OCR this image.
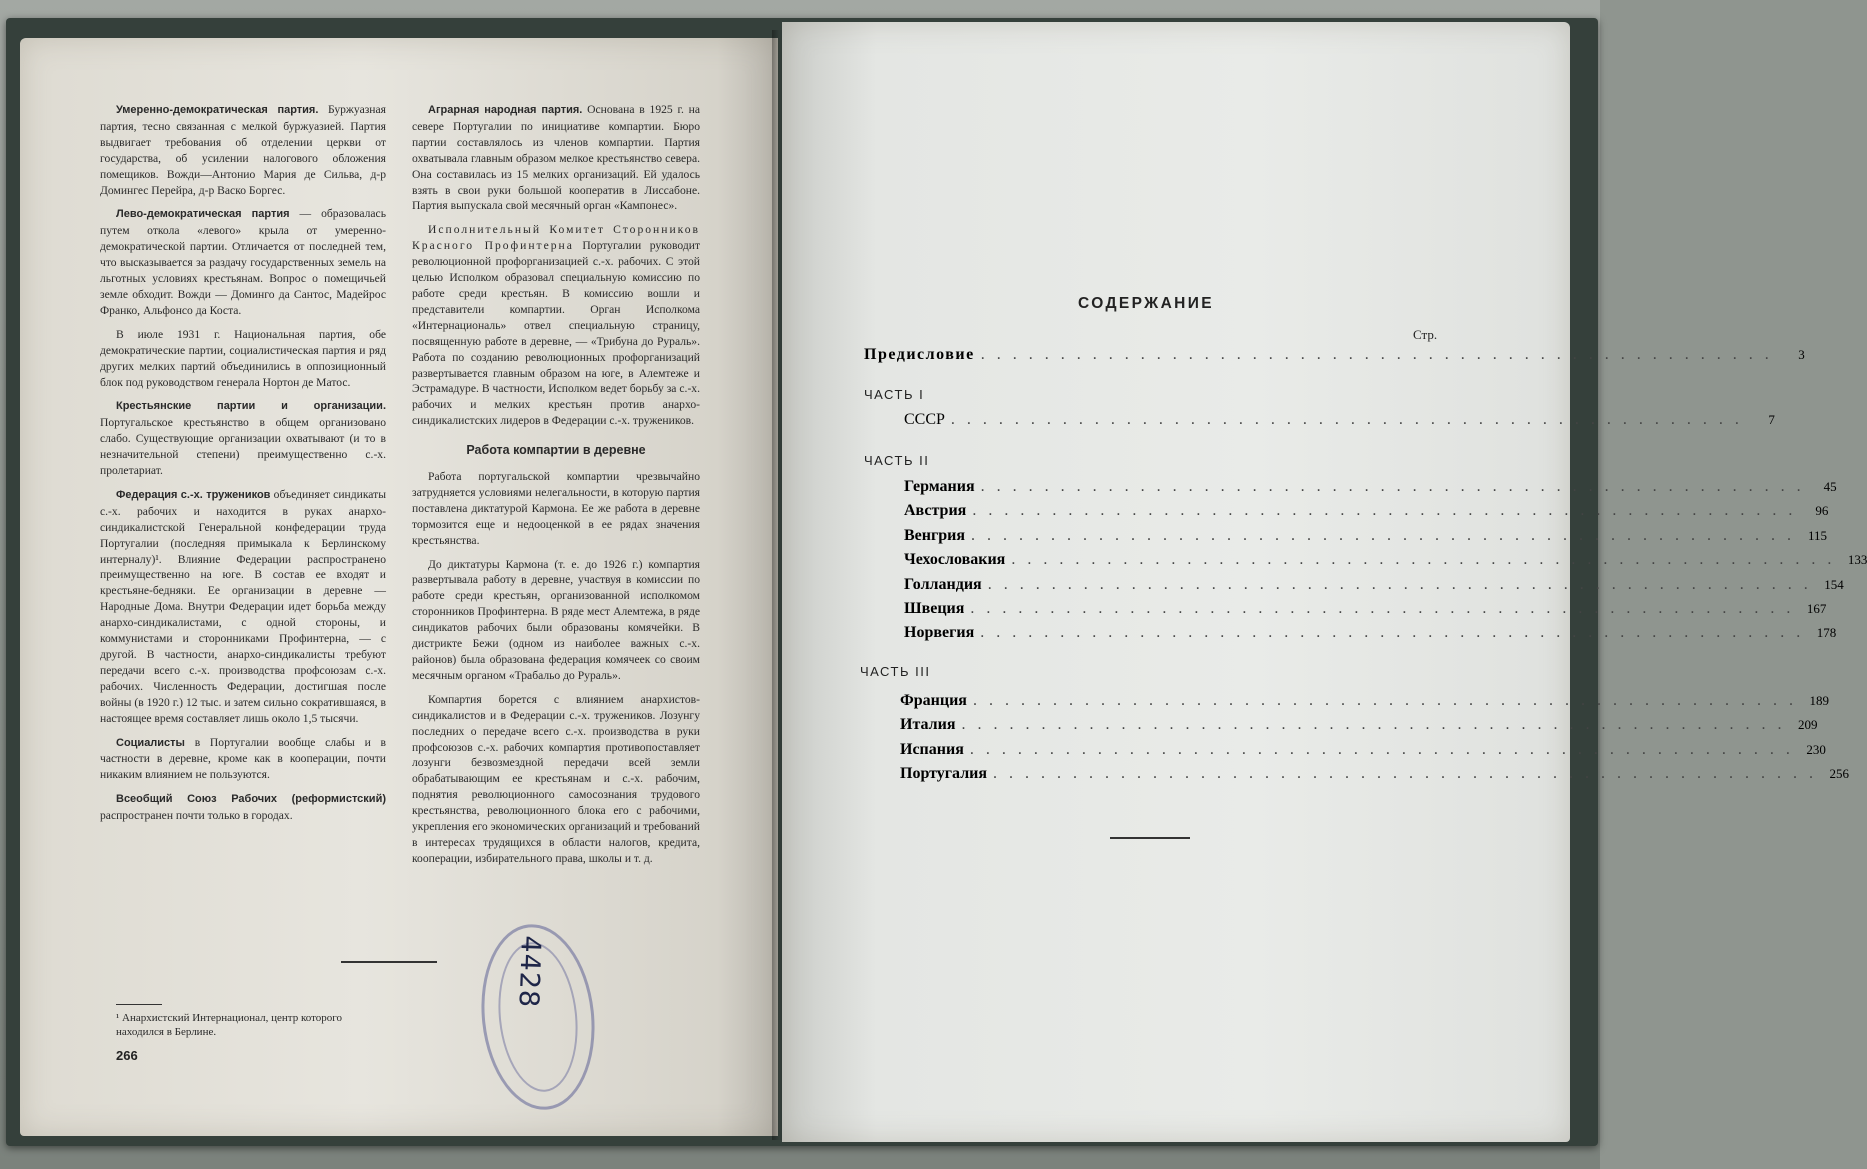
Умеренно-демократическая партия. Буржуазная партия, тесно связанная с мелкой буржуазией. Партия выдвигает требования об отделении церкви от государства, об усилении налогового обложения помещиков. Вожди—Антонио Мария де Сильва, д-р Домингес Перейра, д-р Васко Боргес.

Лево-демократическая партия — образовалась путем откола «левого» крыла от умеренно-демократической партии. Отличается от последней тем, что высказывается за раздачу государственных земель на льготных условиях крестьянам. Вопрос о помещичьей земле обходит. Вожди — Доминго да Сантос, Мадейрос Франко, Альфонсо да Коста.

В июле 1931 г. Национальная партия, обе демократические партии, социалистическая партия и ряд других мелких партий объединились в оппозиционный блок под руководством генерала Нортон де Матос.

Крестьянские партии и организации. Португальское крестьянство в общем организовано слабо. Существующие организации охватывают (и то в незначительной степени) преимущественно с.-х. пролетариат.

Федерация с.-х. тружеников объединяет синдикаты с.-х. рабочих и находится в руках анархо-синдикалистской Генеральной конфедерации труда Португалии (последняя примыкала к Берлинскому интерналу)¹. Влияние Федерации распространено преимущественно на юге. В состав ее входят и крестьяне-бедняки. Ее организации в деревне — Народные Дома. Внутри Федерации идет борьба между анархо-синдикалистами, с одной стороны, и коммунистами и сторонниками Профинтерна, — с другой. В частности, анархо-синдикалисты требуют передачи всего с.-х. производства профсоюзам с.-х. рабочих. Численность Федерации, достигшая после войны (в 1920 г.) 12 тыс. и затем сильно сократившаяся, в настоящее время составляет лишь около 1,5 тысячи.

Социалисты в Португалии вообще слабы и в частности в деревне, кроме как в кооперации, почти никаким влиянием не пользуются.

Всеобщий Союз Рабочих (реформистский) распространен почти только в городах.

Аграрная народная партия. Основана в 1925 г. на севере Португалии по инициативе компартии. Бюро партии составлялось из членов компартии. Партия охватывала главным образом мелкое крестьянство севера. Она составилась из 15 мелких организаций. Ей удалось взять в свои руки большой кооператив в Лиссабоне. Партия выпускала свой месячный орган «Кампонес».

Исполнительный Комитет Сторонников Красного Профинтерна Португалии руководит революционной профорганизацией с.-х. рабочих. С этой целью Исполком образовал специальную комиссию по работе среди крестьян. В комиссию вошли и представители компартии. Орган Исполкома «Интернациональ» отвел специальную страницу, посвященную работе в деревне, — «Трибуна до Рураль». Работа по созданию революционных профорганизаций развертывается главным образом на юге, в Алемтеже и Эстрамадуре. В частности, Исполком ведет борьбу за с.-х. рабочих и мелких крестьян против анархо-синдикалистских лидеров в Федерации с.-х. тружеников.

Работа компартии в деревне

Работа португальской компартии чрезвычайно затрудняется условиями нелегальности, в которую партия поставлена диктатурой Кармона. Ее же работа в деревне тормозится еще и недооценкой в ее рядах значения крестьянства.

До диктатуры Кармона (т. е. до 1926 г.) компартия развертывала работу в деревне, участвуя в комиссии по работе среди крестьян, организованной исполкомом сторонников Профинтерна. В ряде мест Алемтежа, в ряде синдикатов рабочих были образованы комячейки. В дистрикте Бежи (одном из наиболее важных с.-х. районов) была образована федерация комячеек со своим месячным органом «Трабальо до Рураль».

Компартия борется с влиянием анархистов-синдикалистов и в Федерации с.-х. тружеников. Лозунгу последних о передаче всего с.-х. производства в руки профсоюзов с.-х. рабочих компартия противопоставляет лозунги безвозмездной передачи всей земли обрабатывающим ее крестьянам и с.-х. рабочим, поднятия революционного самосознания трудового крестьянства, революционного блока его с рабочими, укрепления его экономических организаций и требований в интересах трудящихся в области налогов, кредита, кооперации, избирательного права, школы и т. д.

¹ Анархистский Интернационал, центр которого находился в Берлине.
266
4428
СОДЕРЖАНИЕ
Стр.
Предисловие . . . . . . . . . . . . . . . . . . . . . . . . . . . . . . . . . . . . . . . . . . . . . . . . . .	3
ЧАСТЬ I
СССР . . . . . . . . . . . . . . . . . . . . . . . . . . . . . . . . . . . . . . . . . . . . . . . . . .	7
ЧАСТЬ II
Германия . . . . . . . . . . . . . . . . . . . . . . . . . . . . . . . . . . . . . . . . . . . . . . . . . . . .	45
Австрия . . . . . . . . . . . . . . . . . . . . . . . . . . . . . . . . . . . . . . . . . . . . . . . . . . . .	96
Венгрия . . . . . . . . . . . . . . . . . . . . . . . . . . . . . . . . . . . . . . . . . . . . . . . . . . . . 115
Чехословакия . . . . . . . . . . . . . . . . . . . . . . . . . . . . . . . . . . . . . . . . . . . . . . . . . . . . 133
Голландия . . . . . . . . . . . . . . . . . . . . . . . . . . . . . . . . . . . . . . . . . . . . . . . . . . . . 154
Швеция . . . . . . . . . . . . . . . . . . . . . . . . . . . . . . . . . . . . . . . . . . . . . . . . . . . . 167
Норвегия . . . . . . . . . . . . . . . . . . . . . . . . . . . . . . . . . . . . . . . . . . . . . . . . . . . . 178
ЧАСТЬ III
Франция . . . . . . . . . . . . . . . . . . . . . . . . . . . . . . . . . . . . . . . . . . . . . . . . . . . . 189
Италия . . . . . . . . . . . . . . . . . . . . . . . . . . . . . . . . . . . . . . . . . . . . . . . . . . . . 209
Испания . . . . . . . . . . . . . . . . . . . . . . . . . . . . . . . . . . . . . . . . . . . . . . . . . . . . 230
Португалия . . . . . . . . . . . . . . . . . . . . . . . . . . . . . . . . . . . . . . . . . . . . . . . . . . . . 256
